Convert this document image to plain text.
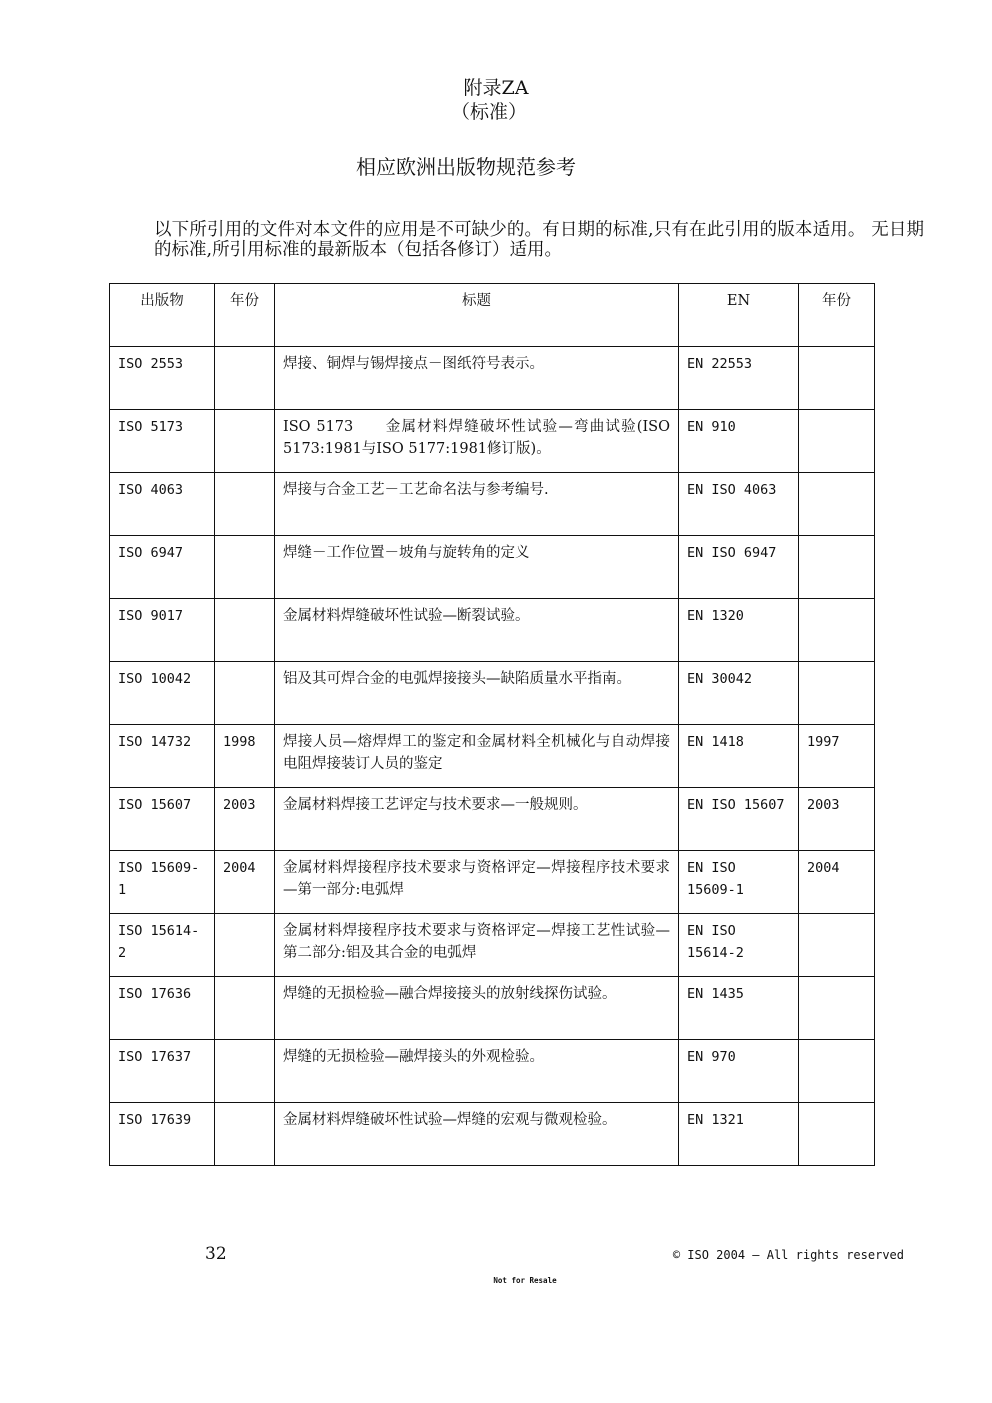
附录ZA
（标准）
相应欧洲出版物规范参考
以下所引用的文件对本文件的应用是不可缺少的。有日期的标准,只有在此引用的版本适用。 无日期的标准,所引用标准的最新版本（包括各修订）适用。
出版物	年份	标题	EN	年份
ISO 2553		焊接、铜焊与锡焊接点－图纸符号表示。	EN 22553	
ISO 5173		ISO 5173　　金属材料焊缝破坏性试验—弯曲试验(ISO 5173:1981与ISO 5177:1981修订版)。	EN 910	
ISO 4063		焊接与合金工艺－工艺命名法与参考编号.	EN ISO 4063	
ISO 6947		焊缝－工作位置－坡角与旋转角的定义	EN ISO 6947	
ISO 9017		金属材料焊缝破坏性试验—断裂试验。	EN 1320	
ISO 10042		铝及其可焊合金的电弧焊接接头—缺陷质量水平指南。	EN 30042	
ISO 14732	1998	焊接人员—熔焊焊工的鉴定和金属材料全机械化与自动焊接电阻焊接装订人员的鉴定	EN 1418	1997
ISO 15607	2003	金属材料焊接工艺评定与技术要求—一般规则。	EN ISO 15607	2003
ISO 15609-1	2004	金属材料焊接程序技术要求与资格评定—焊接程序技术要求—第一部分:电弧焊	EN ISO 15609-1	2004
ISO 15614-2		金属材料焊接程序技术要求与资格评定—焊接工艺性试验—第二部分:铝及其合金的电弧焊	EN ISO 15614-2	
ISO 17636		焊缝的无损检验—融合焊接接头的放射线探伤试验。	EN 1435	
ISO 17637		焊缝的无损检验—融焊接头的外观检验。	EN 970	
ISO 17639		金属材料焊缝破坏性试验—焊缝的宏观与微观检验。	EN 1321	
32	© ISO 2004 – All rights reserved
Not for Resale
